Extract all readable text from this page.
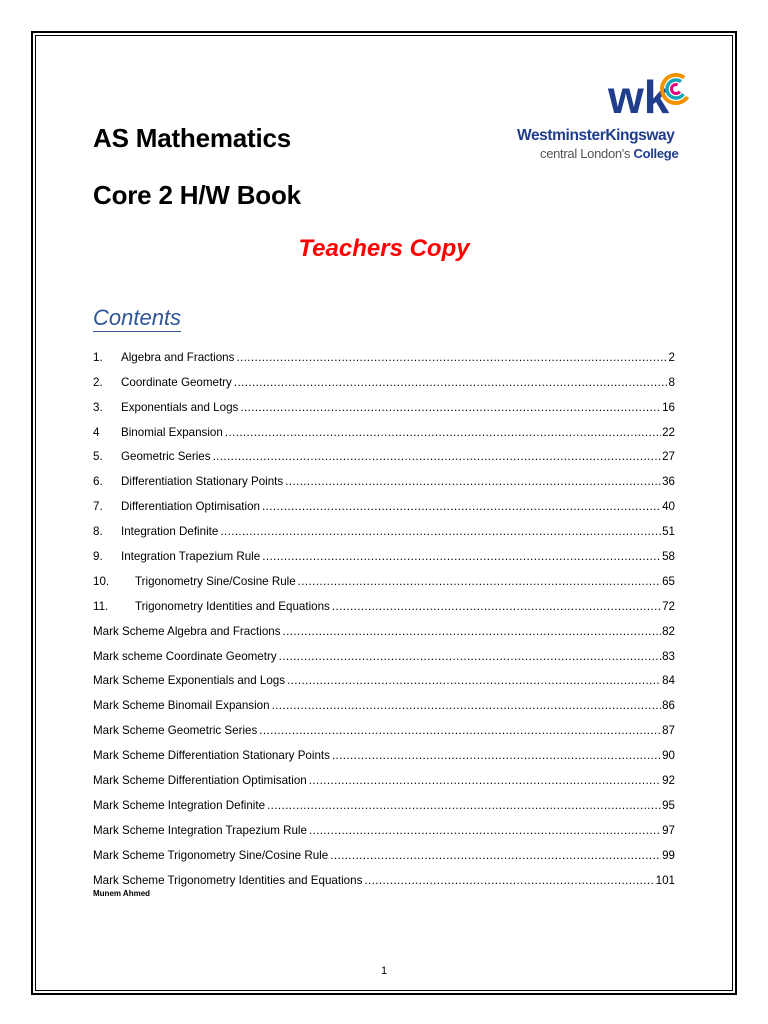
AS Mathematics
Core 2 H/W Book
Teachers Copy
wk
WestminsterKingsway
central London's College
Contents
1.	Algebra and Fractions .....	2
2.	Coordinate Geometry .....	8
3.	Exponentials and Logs .....	16
4	Binomial Expansion .....	22
5.	Geometric Series .....	27
6.	Differentiation Stationary Points .....	36
7.	Differentiation Optimisation .....	40
8.	Integration Definite .....	51
9.	Integration Trapezium Rule .....	58
10.	Trigonometry Sine/Cosine Rule .....	65
11.	Trigonometry Identities and Equations .....	72
Mark Scheme Algebra and Fractions .....	82
Mark scheme Coordinate Geometry .....	83
Mark Scheme Exponentials and Logs .....	84
Mark Scheme Binomail Expansion .....	86
Mark Scheme Geometric Series .....	87
Mark Scheme Differentiation Stationary Points .....	90
Mark Scheme Differentiation Optimisation .....	92
Mark Scheme Integration Definite .....	95
Mark Scheme Integration Trapezium Rule .....	97
Mark Scheme Trigonometry Sine/Cosine Rule .....	99
Mark Scheme Trigonometry Identities and Equations .....	101
Munem Ahmed
1
